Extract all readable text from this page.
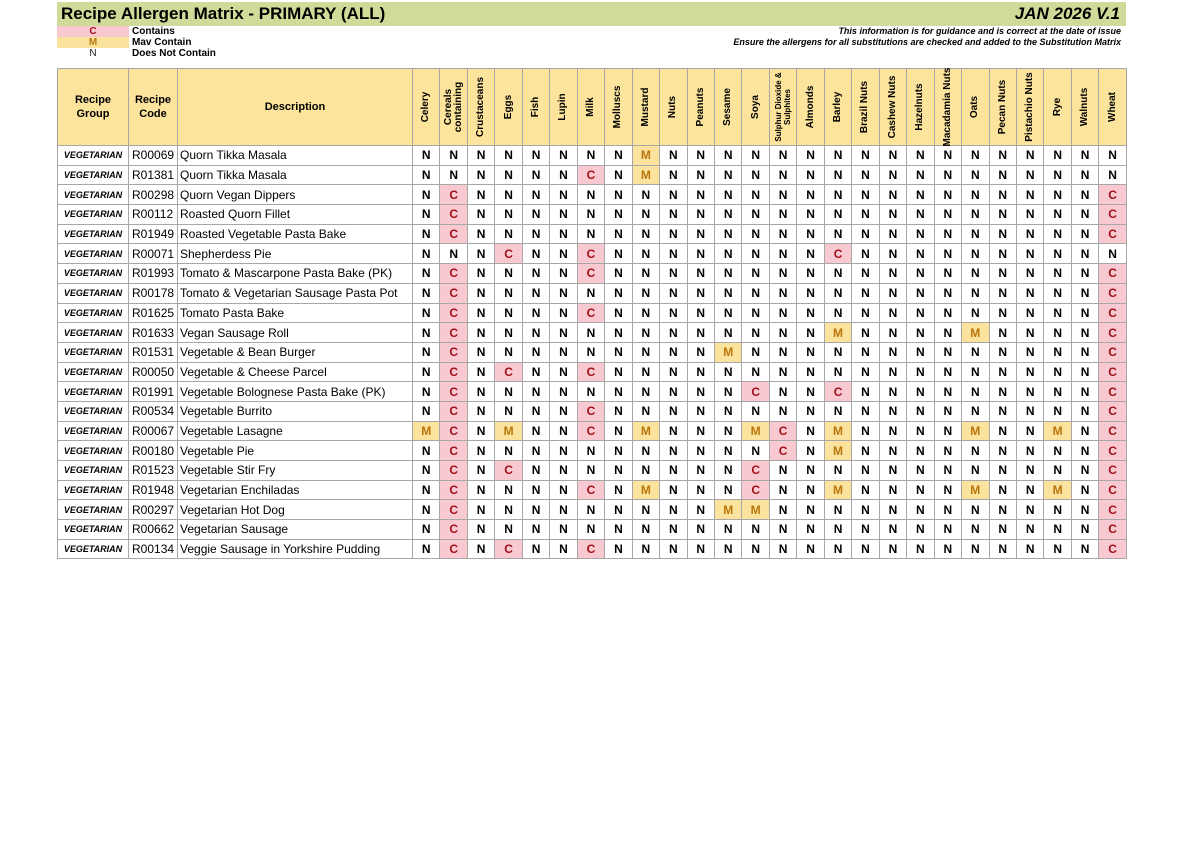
Recipe Allergen Matrix - PRIMARY (ALL)	JAN 2026 V.1
C	Contains
M	Mav Contain
N	Does Not Contain
This information is for guidance and is correct at the date of issue
Ensure the allergens for all substitutions are checked and added to the Substitution Matrix
Recipe Group	Recipe Code	Description	Celery	Cereals
containing	Crustaceans	Eggs	Fish	Lupin	Milk	Molluscs	Mustard	Nuts	Peanuts	Sesame	Soya	Sulphur Dioxide &
Sulphites	Almonds	Barley	Brazil Nuts	Cashew Nuts	Hazelnuts	Macadamia Nuts	Oats	Pecan Nuts	Pistachio Nuts	Rye	Walnuts	Wheat

VEGETARIAN	R00069	Quorn Tikka Masala	N	N	N	N	N	N	N	N	M	N	N	N	N	N	N	N	N	N	N	N	N	N	N	N	N	N
VEGETARIAN	R01381	Quorn Tikka Masala	N	N	N	N	N	N	C	N	M	N	N	N	N	N	N	N	N	N	N	N	N	N	N	N	N	N
VEGETARIAN	R00298	Quorn Vegan Dippers	N	C	N	N	N	N	N	N	N	N	N	N	N	N	N	N	N	N	N	N	N	N	N	N	N	C
VEGETARIAN	R00112	Roasted Quorn Fillet	N	C	N	N	N	N	N	N	N	N	N	N	N	N	N	N	N	N	N	N	N	N	N	N	N	C
VEGETARIAN	R01949	Roasted Vegetable Pasta Bake	N	C	N	N	N	N	N	N	N	N	N	N	N	N	N	N	N	N	N	N	N	N	N	N	N	C
VEGETARIAN	R00071	Shepherdess Pie	N	N	N	C	N	N	C	N	N	N	N	N	N	N	N	C	N	N	N	N	N	N	N	N	N	N
VEGETARIAN	R01993	Tomato & Mascarpone Pasta Bake (PK)	N	C	N	N	N	N	C	N	N	N	N	N	N	N	N	N	N	N	N	N	N	N	N	N	N	C
VEGETARIAN	R00178	Tomato & Vegetarian Sausage Pasta Pot	N	C	N	N	N	N	N	N	N	N	N	N	N	N	N	N	N	N	N	N	N	N	N	N	N	C
VEGETARIAN	R01625	Tomato Pasta Bake	N	C	N	N	N	N	C	N	N	N	N	N	N	N	N	N	N	N	N	N	N	N	N	N	N	C
VEGETARIAN	R01633	Vegan Sausage Roll	N	C	N	N	N	N	N	N	N	N	N	N	N	N	N	M	N	N	N	N	M	N	N	N	N	C
VEGETARIAN	R01531	Vegetable & Bean Burger	N	C	N	N	N	N	N	N	N	N	N	M	N	N	N	N	N	N	N	N	N	N	N	N	N	C
VEGETARIAN	R00050	Vegetable & Cheese Parcel	N	C	N	C	N	N	C	N	N	N	N	N	N	N	N	N	N	N	N	N	N	N	N	N	N	C
VEGETARIAN	R01991	Vegetable Bolognese Pasta Bake (PK)	N	C	N	N	N	N	N	N	N	N	N	N	C	N	N	C	N	N	N	N	N	N	N	N	N	C
VEGETARIAN	R00534	Vegetable Burrito	N	C	N	N	N	N	C	N	N	N	N	N	N	N	N	N	N	N	N	N	N	N	N	N	N	C
VEGETARIAN	R00067	Vegetable Lasagne	M	C	N	M	N	N	C	N	M	N	N	N	M	C	N	M	N	N	N	N	M	N	N	M	N	C
VEGETARIAN	R00180	Vegetable Pie	N	C	N	N	N	N	N	N	N	N	N	N	N	C	N	M	N	N	N	N	N	N	N	N	N	C
VEGETARIAN	R01523	Vegetable Stir Fry	N	C	N	C	N	N	N	N	N	N	N	N	C	N	N	N	N	N	N	N	N	N	N	N	N	C
VEGETARIAN	R01948	Vegetarian Enchiladas	N	C	N	N	N	N	C	N	M	N	N	N	C	N	N	M	N	N	N	N	M	N	N	M	N	C
VEGETARIAN	R00297	Vegetarian Hot Dog	N	C	N	N	N	N	N	N	N	N	N	M	M	N	N	N	N	N	N	N	N	N	N	N	N	C
VEGETARIAN	R00662	Vegetarian Sausage	N	C	N	N	N	N	N	N	N	N	N	N	N	N	N	N	N	N	N	N	N	N	N	N	N	C
VEGETARIAN	R00134	Veggie Sausage in Yorkshire Pudding	N	C	N	C	N	N	C	N	N	N	N	N	N	N	N	N	N	N	N	N	N	N	N	N	N	C
